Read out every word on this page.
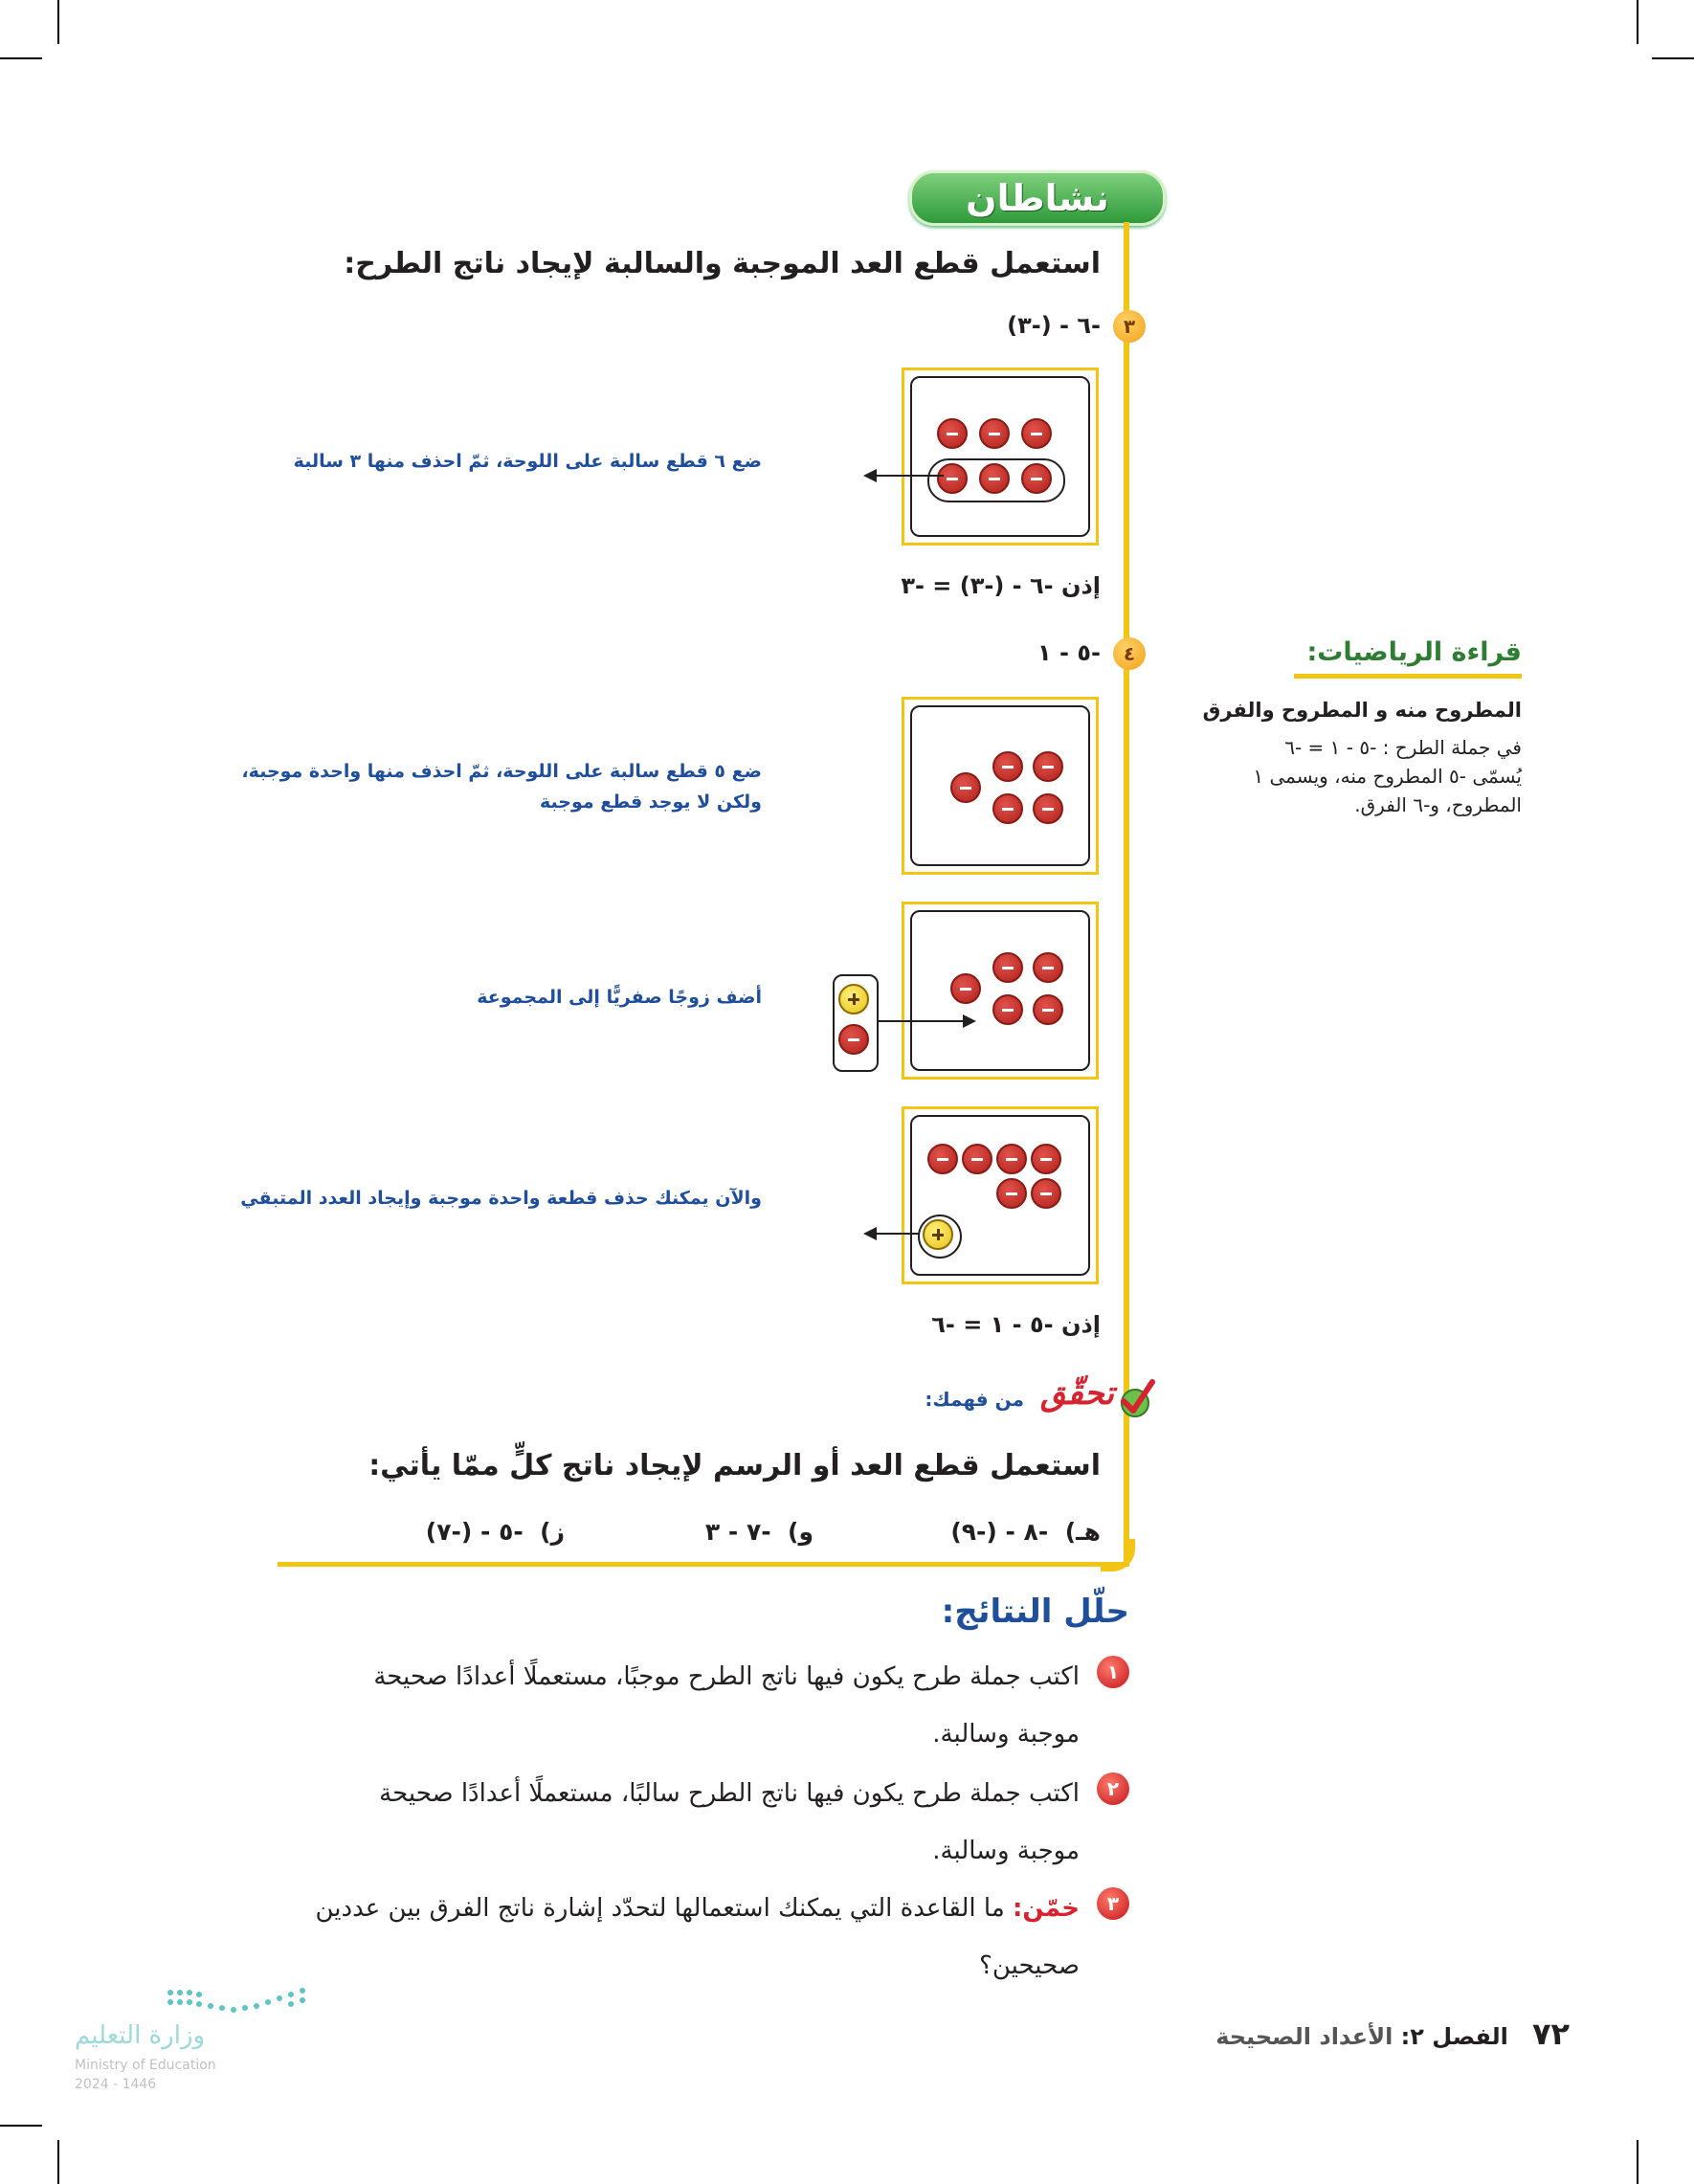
نشاطان
استعمل قطع العد الموجبة والسالبة لإيجاد ناتج الطرح:
٣
-٦ - (-٣)
ضع ٦ قطع سالبة على اللوحة، ثمّ احذف منها ٣ سالبة
إذن -٦ - (-٣) = -٣
٤
-٥ - ١
ضع ٥ قطع سالبة على اللوحة، ثمّ احذف منها واحدة موجبة،
ولكن لا يوجد قطع موجبة
أضف زوجًا صفريًّا إلى المجموعة
والآن يمكنك حذف قطعة واحدة موجبة وإيجاد العدد المتبقي
إذن -٥ - ١ = -٦
تحقّق
من فهمك:
استعمل قطع العد أو الرسم لإيجاد ناتج كلٍّ ممّا يأتي:
هـ)  -٨ - (-٩)
و)  -٧ - ٣
ز)  -٥ - (-٧)
قراءة الرياضيات:
المطروح منه و المطروح والفرق
في جملة الطرح : -٥ - ١ = -٦
يُسمّى -٥ المطروح منه، ويسمى ١
المطروح، و-٦ الفرق.
حلّل النتائج:
١
اكتب جملة طرح يكون فيها ناتج الطرح موجبًا، مستعملًا أعدادًا صحيحة
موجبة وسالبة.
٢
اكتب جملة طرح يكون فيها ناتج الطرح سالبًا، مستعملًا أعدادًا صحيحة
موجبة وسالبة.
٣
خمّن: ما القاعدة التي يمكنك استعمالها لتحدّد إشارة ناتج الفرق بين عددين
صحيحين؟
٧٢   الفصل ٢: الأعداد الصحيحة
وزارة التعليم
Ministry of Education
2024 - 1446
